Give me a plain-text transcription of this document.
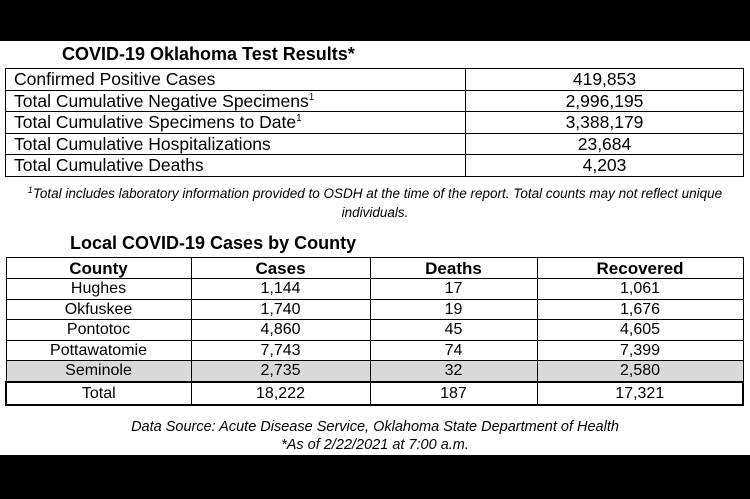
COVID-19 Oklahoma Test Results*
Confirmed Positive Cases	419,853
Total Cumulative Negative Specimens$^1$	2,996,195
Total Cumulative Specimens to Date$^1$	3,388,179
Total Cumulative Hospitalizations	23,684
Total Cumulative Deaths	4,203
$^1$Total includes laboratory information provided to OSDH at the time of the report. Total counts may not reflect unique individuals.
Local COVID-19 Cases by County
County	Cases	Deaths	Recovered
Hughes	1,144	17	1,061
Okfuskee	1,740	19	1,676
Pontotoc	4,860	45	4,605
Pottawatomie	7,743	74	7,399
Seminole	2,735	32	2,580
Total	18,222	187	17,321
Data Source: Acute Disease Service, Oklahoma State Department of Health
*As of 2/22/2021 at 7:00 a.m.
